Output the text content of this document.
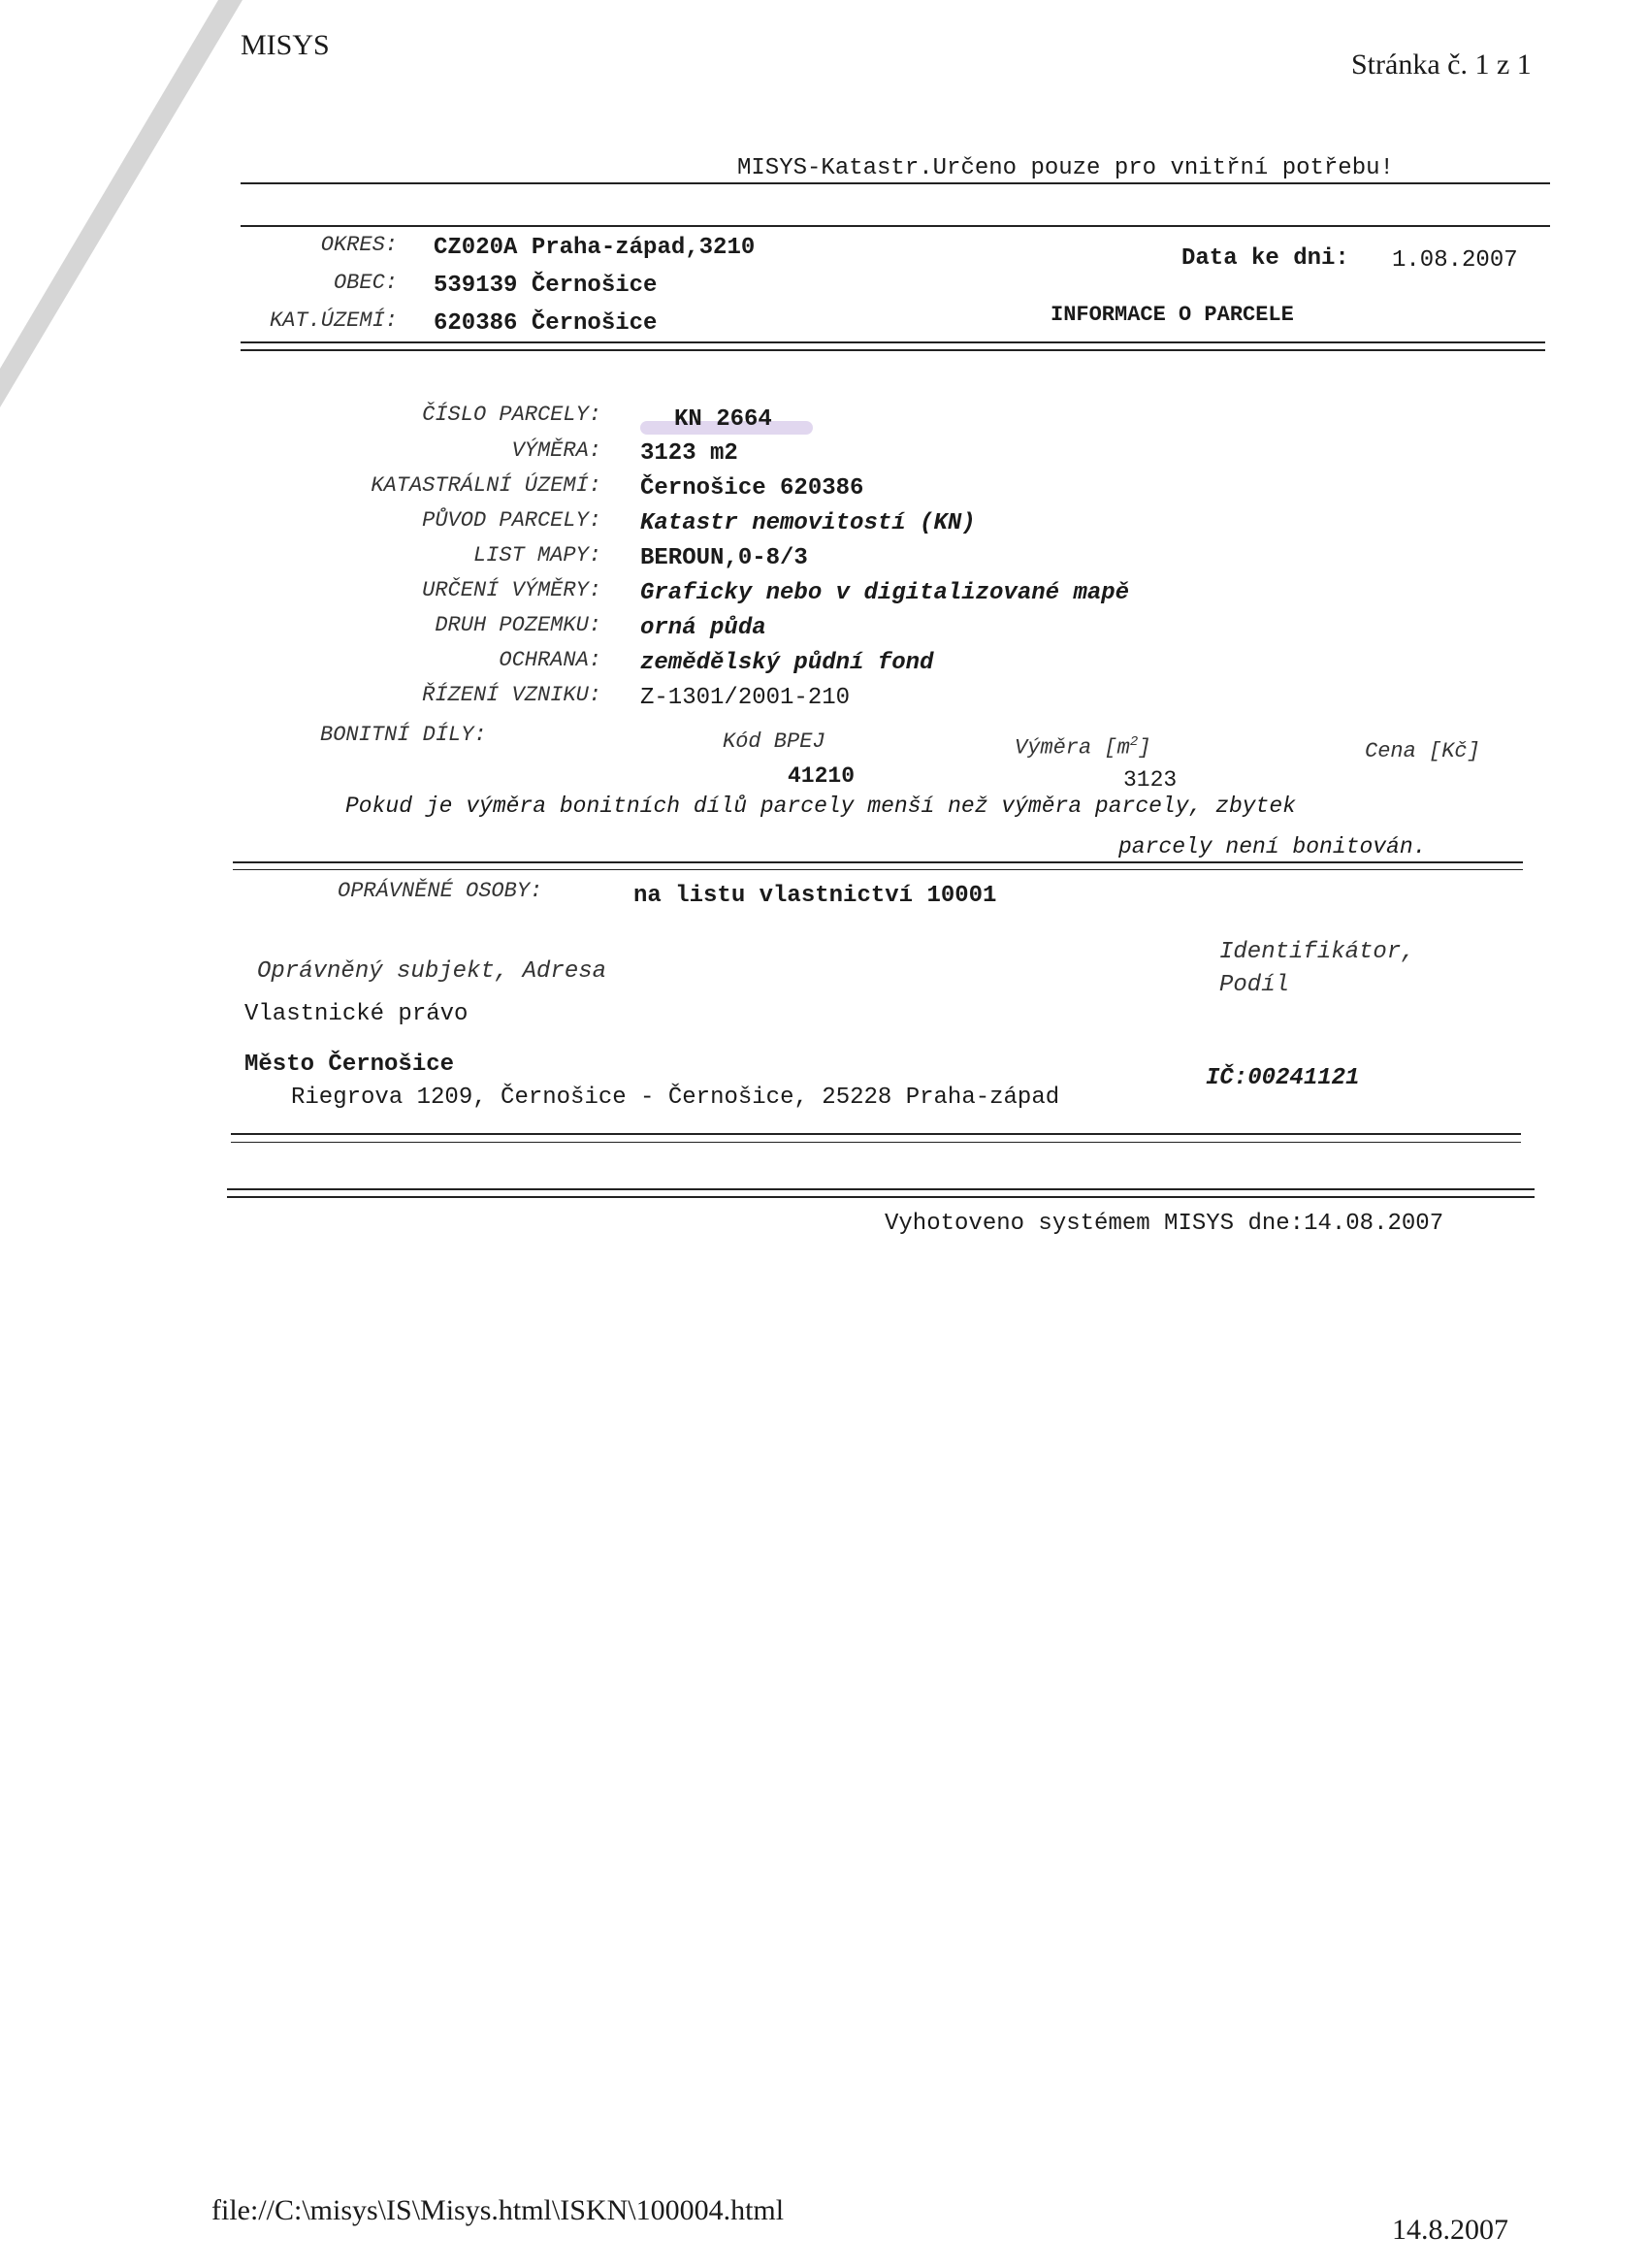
MISYS
Stránka č. 1 z 1
MISYS-Katastr.Určeno pouze pro vnitřní potřebu!
OKRES: CZ020A Praha-západ,3210
OBEC: 539139 Černošice
KAT.ÚZEMÍ: 620386 Černošice
Data ke dni: 1.08.2007
INFORMACE O PARCELE
ČÍSLO PARCELY:	KN 2664
VÝMĚRA: 3123 m2
KATASTRÁLNÍ ÚZEMÍ: Černošice 620386
PŮVOD PARCELY: Katastr nemovitostí (KN)
LIST MAPY: BEROUN,0-8/3
URČENÍ VÝMĚRY: Graficky nebo v digitalizované mapě
DRUH POZEMKU: orná půda
OCHRANA: zemědělský půdní fond
ŘÍZENÍ VZNIKU: Z-1301/2001-210
BONITNÍ DÍLY:	Kód BPEJ	Výměra $[m^2]$	Cena [Kč]
41210	3123
Pokud je výměra bonitních dílů parcely menší než výměra parcely, zbytek
parcely není bonitován.
OPRÁVNĚNÉ OSOBY:	na listu vlastnictví 10001
Oprávněný subjekt, Adresa
Identifikátor,
Podíl
Vlastnické právo
Město Černošice
Riegrova 1209, Černošice - Černošice, 25228 Praha-západ
IČ:00241121
Vyhotoveno systémem MISYS dne:14.08.2007
file://C:\misys\IS\Misys.html\ISKN\100004.html
14.8.2007
